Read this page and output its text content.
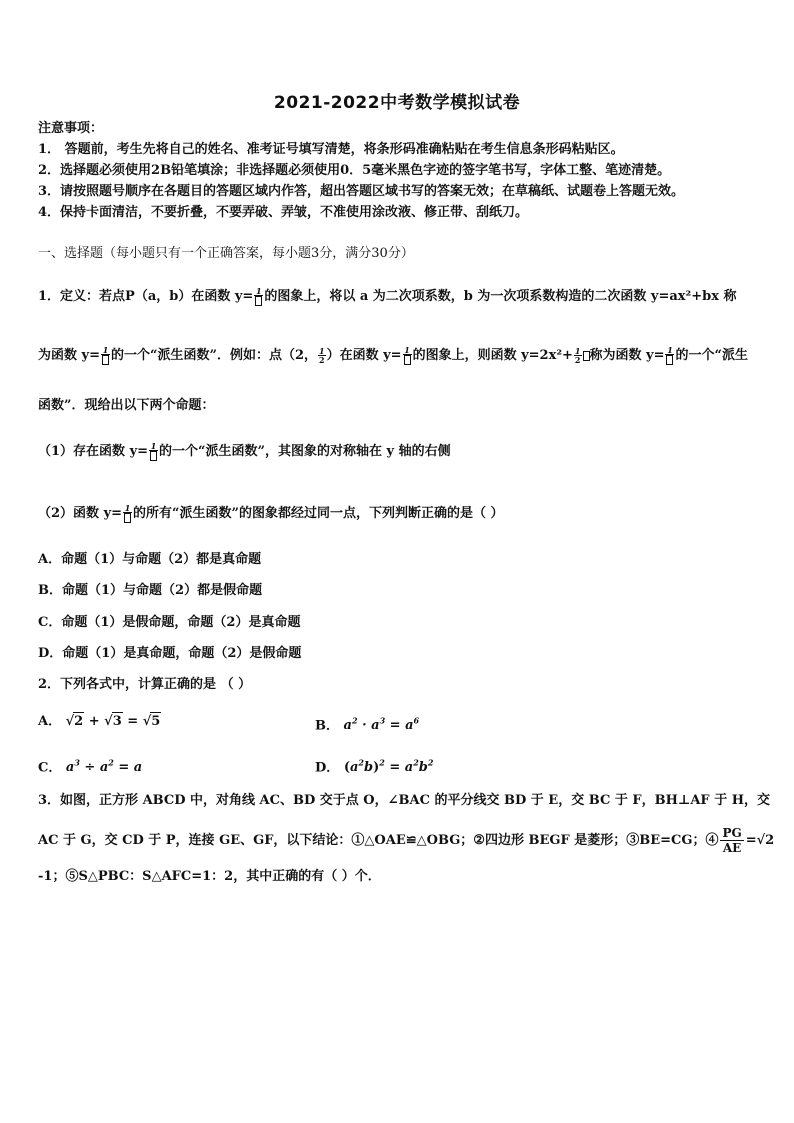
2021-2022中考数学模拟试卷
注意事项：
1． 答题前，考生先将自己的姓名、准考证号填写清楚，将条形码准确粘贴在考生信息条形码粘贴区。
2．选择题必须使用2B铅笔填涂；非选择题必须使用0．5毫米黑色字迹的签字笔书写，字体工整、笔迹清楚。
3．请按照题号顺序在各题目的答题区域内作答，超出答题区域书写的答案无效；在草稿纸、试题卷上答题无效。
4．保持卡面清洁，不要折叠，不要弄破、弄皱，不准使用涂改液、修正带、刮纸刀。
一、选择题（每小题只有一个正确答案，每小题3分，满分30分）
1．定义：若点P（a，b）在函数 y= 1 的图象上，将以 a 为二次项系数，b 为一次项系数构造的二次函数 y=ax²+bx 称
为函数 y= 1 的一个“派生函数”．例如：点（2， $\frac{1}{2}$ ）在函数 y= 1 的图象上，则函数 $y=2x^2+ \frac{1}{2}$ 称为函数 y= 1 的一个“派生
函数”．现给出以下两个命题：
（1）存在函数 y= 1 的一个“派生函数”，其图象的对称轴在 y 轴的右侧
（2）函数 y= 1 的所有“派生函数”的图象都经过同一点，下列判断正确的是（ ）
A．命题（1）与命题（2）都是真命题
B．命题（1）与命题（2）都是假命题
C．命题（1）是假命题，命题（2）是真命题
D．命题（1）是真命题，命题（2）是假命题
2．下列各式中，计算正确的是 （ ）
A． √2 + √3 = √5	B． $a^2 \cdot a^3 = a^6$
C． $a^3 \div a^2 = a$	D． $(a^2b)^2 = a^2b^2$
3．如图，正方形 ABCD 中，对角线 AC、BD 交于点 O，∠BAC 的平分线交 BD 于 E，交 BC 于 F，BH⊥AF 于 H，交
AC 于 G，交 CD 于 P，连接 GE、GF，以下结论：①△OAE≌△OBG；②四边形 BEGF 是菱形；③BE=CG；④ $\frac{PG}{AE} =√2$
-1；⑤S△PBC：S△AFC=1：2，其中正确的有（ ）个．
